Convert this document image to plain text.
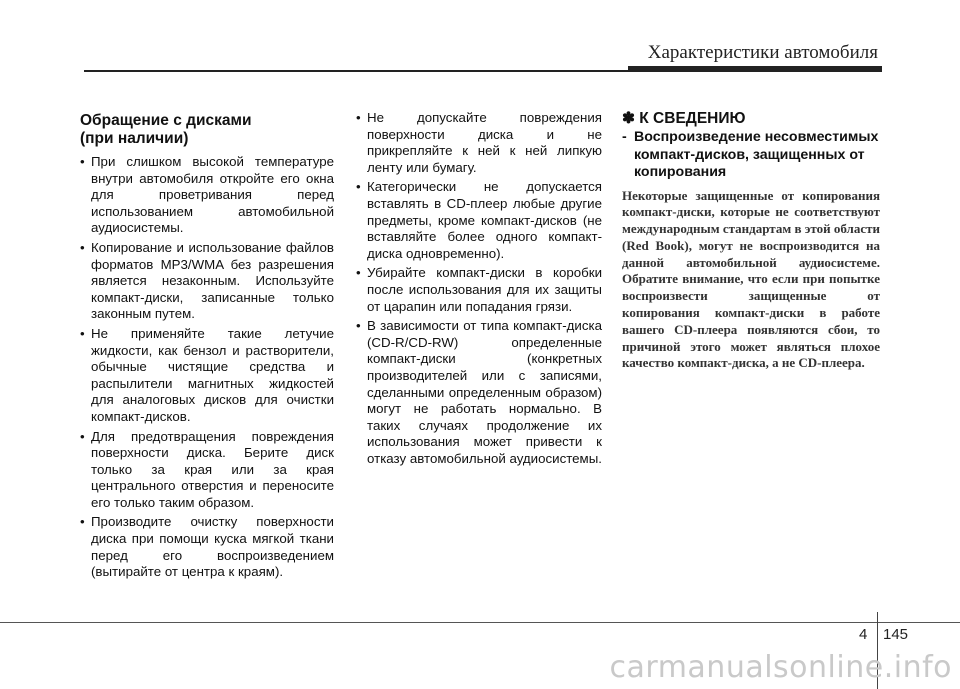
Характеристики автомобиля
Обращение с дисками
(при наличии)
• При слишком высокой температуре внутри автомобиля откройте его окна для проветривания перед использованием автомобильной аудиосистемы.
• Копирование и использование файлов форматов MP3/WMA без разрешения является незаконным. Используйте компакт-диски, записанные только законным путем.
• Не применяйте такие летучие жидкости, как бензол и растворители, обычные чистящие средства и распылители магнитных жидкостей для аналоговых дисков для очистки компакт-дисков.
• Для предотвращения повреждения поверхности диска. Берите диск только за края или за края центрального отверстия и переносите его только таким образом.
• Производите очистку поверхности диска при помощи куска мягкой ткани перед его воспроизведением (вытирайте от центра к краям).
• Не допускайте повреждения поверхности диска и не прикрепляйте к ней к ней липкую ленту или бумагу.
• Категорически не допускается вставлять в CD-плеер любые другие предметы, кроме компакт-дисков (не вставляйте более одного компакт-диска одновременно).
• Убирайте компакт-диски в коробки после использования для их защиты от царапин или попадания грязи.
• В зависимости от типа компакт-диска (CD-R/CD-RW) определенные компакт-диски (конкретных производителей или с записями, сделанными определенным образом) могут не работать нормально. В таких случаях продолжение их использования может привести к отказу автомобильной аудиосистемы.
✽ К СВЕДЕНИЮ
- Воспроизведение несовместимых компакт-дисков, защищенных от копирования
Некоторые защищенные от копирования компакт-диски, которые не соответствуют международным стандартам в этой области (Red Book), могут не воспроизводится на данной автомобильной аудиосистеме. Обратите внимание, что если при попытке воспроизвести защищенные от копирования компакт-диски в работе вашего CD-плеера появляются сбои, то причиной этого может являться плохое качество компакт-диска, а не CD-плеера.
4 145
carmanualsonline.info
